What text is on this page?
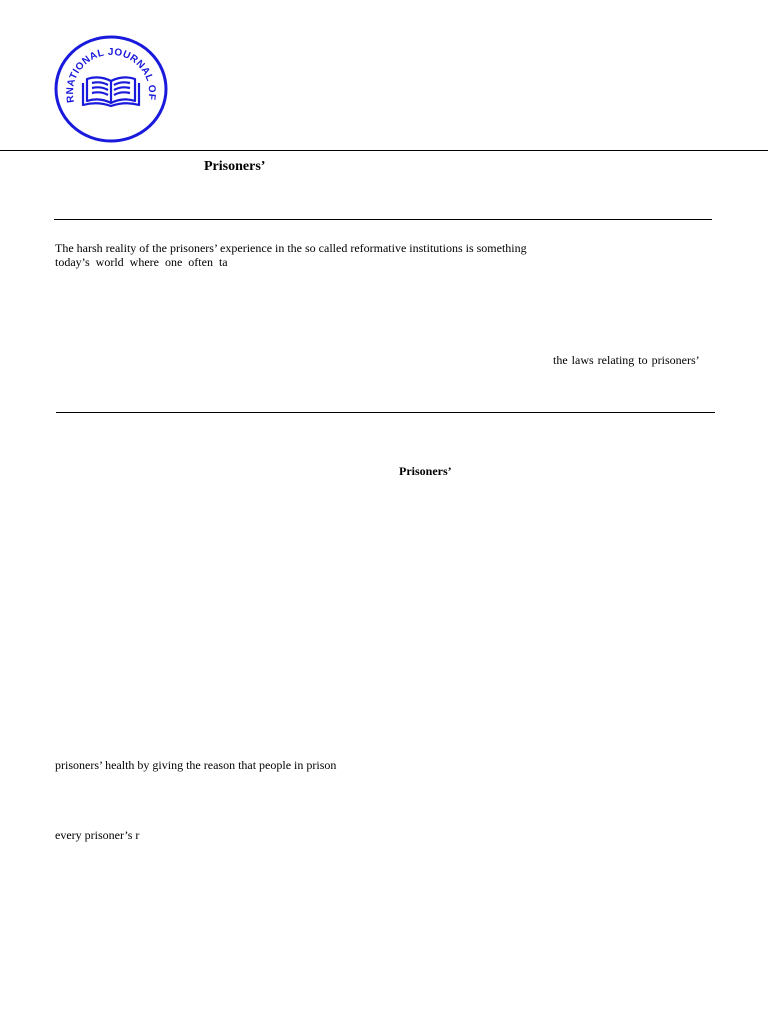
RNATIONAL JOURNAL OF
Prisoners’
The harsh reality of the prisoners’ experience in the so called reformative institutions is something
today’s world where one often ta
the laws relating to prisoners’
Prisoners’
prisoners’ health by giving the reason that people in prison
every prisoner’s r
